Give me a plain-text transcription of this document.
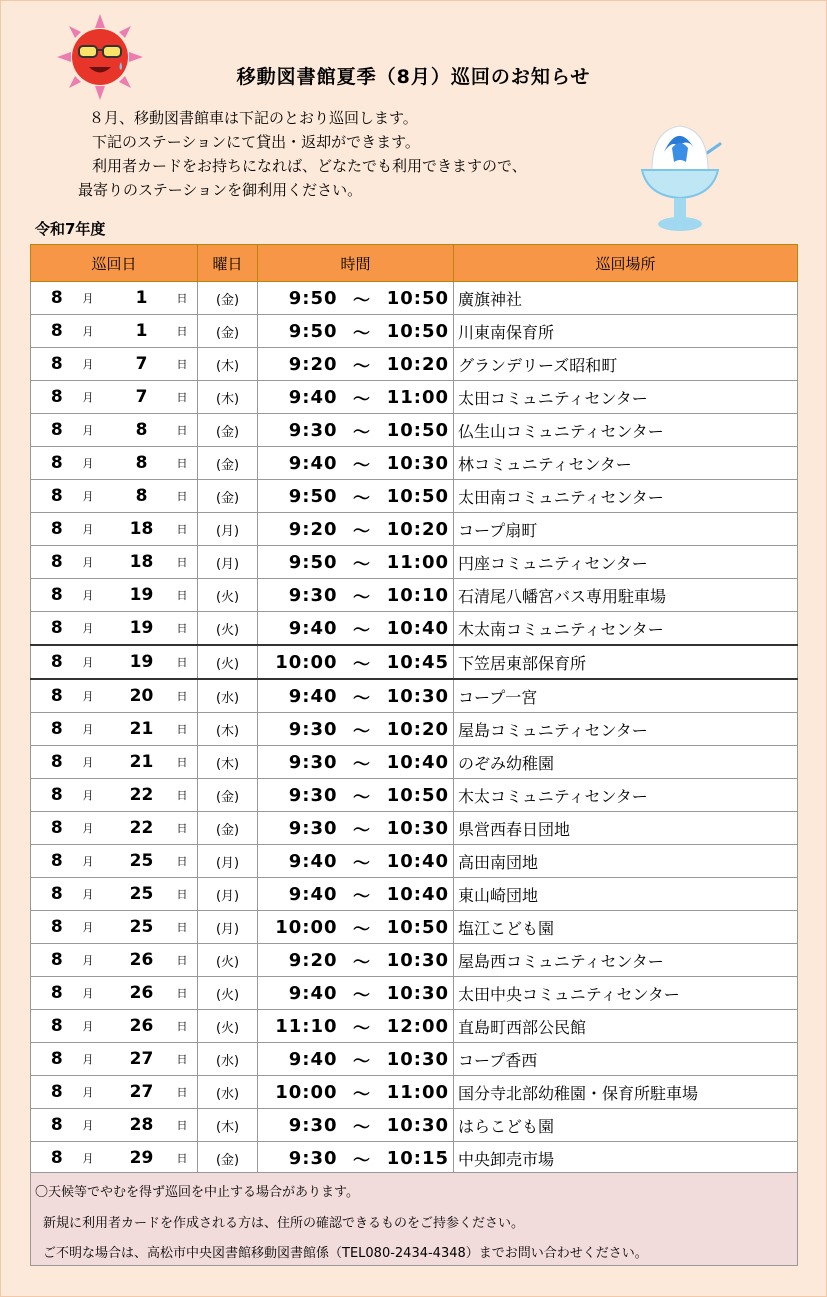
移動図書館夏季（8月）巡回のお知らせ
８月、移動図書館車は下記のとおり巡回します。
下記のステーションにて貸出・返却ができます。
利用者カードをお持ちになれば、どなたでも利用できますので、
最寄りのステーションを御利用ください。
令和7年度
巡回日				曜日	時間			巡回場所
8	月	1	日	(金)	9:50	～	10:50	廣旗神社
8	月	1	日	(金)	9:50	～	10:50	川東南保育所
8	月	7	日	(木)	9:20	～	10:20	グランデリーズ昭和町
8	月	7	日	(木)	9:40	～	11:00	太田コミュニティセンター
8	月	8	日	(金)	9:30	～	10:50	仏生山コミュニティセンター
8	月	8	日	(金)	9:40	～	10:30	林コミュニティセンター
8	月	8	日	(金)	9:50	～	10:50	太田南コミュニティセンター
8	月	18	日	(月)	9:20	～	10:20	コープ扇町
8	月	18	日	(月)	9:50	～	11:00	円座コミュニティセンター
8	月	19	日	(火)	9:30	～	10:10	石清尾八幡宮バス専用駐車場
8	月	19	日	(火)	9:40	～	10:40	木太南コミュニティセンター
8	月	19	日	(火)	10:00	～	10:45	下笠居東部保育所
8	月	20	日	(水)	9:40	～	10:30	コープ一宮
8	月	21	日	(木)	9:30	～	10:20	屋島コミュニティセンター
8	月	21	日	(木)	9:30	～	10:40	のぞみ幼稚園
8	月	22	日	(金)	9:30	～	10:50	木太コミュニティセンター
8	月	22	日	(金)	9:30	～	10:30	県営西春日団地
8	月	25	日	(月)	9:40	～	10:40	高田南団地
8	月	25	日	(月)	9:40	～	10:40	東山崎団地
8	月	25	日	(月)	10:00	～	10:50	塩江こども園
8	月	26	日	(火)	9:20	～	10:30	屋島西コミュニティセンター
8	月	26	日	(火)	9:40	～	10:30	太田中央コミュニティセンター
8	月	26	日	(火)	11:10	～	12:00	直島町西部公民館
8	月	27	日	(水)	9:40	～	10:30	コープ香西
8	月	27	日	(水)	10:00	～	11:00	国分寺北部幼稚園・保育所駐車場
8	月	28	日	(木)	9:30	～	10:30	はらこども園
8	月	29	日	(金)	9:30	～	10:15	中央卸売市場
〇天候等でやむを得ず巡回を中止する場合があります。
新規に利用者カードを作成される方は、住所の確認できるものをご持参ください。
ご不明な場合は、高松市中央図書館移動図書館係（TEL080-2434-4348）までお問い合わせください。
